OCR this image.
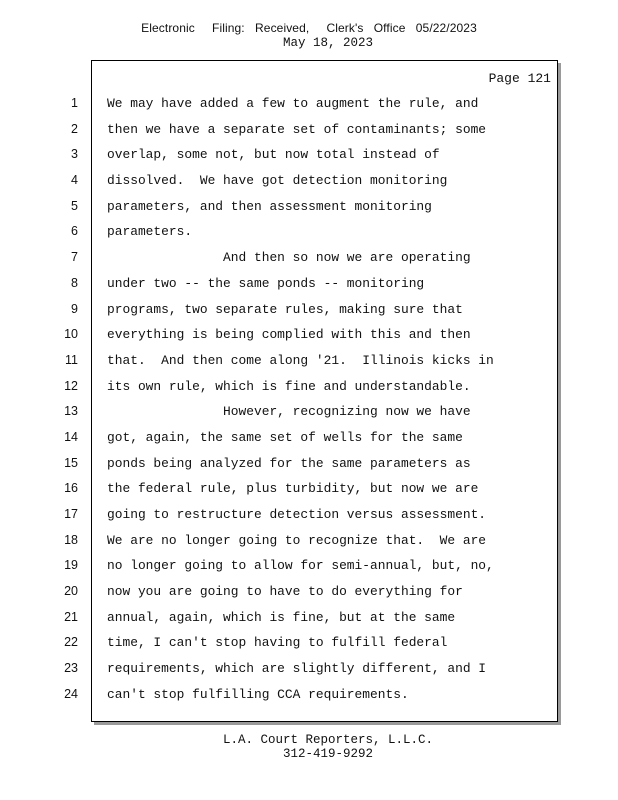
Electronic     Filing:   Received,     Clerk's   Office   05/22/2023
May 18, 2023
Page 121
1 We may have added a few to augment the rule, and
2 then we have a separate set of contaminants; some
3 overlap, some not, but now total instead of
4 dissolved.  We have got detection monitoring
5 parameters, and then assessment monitoring
6 parameters.
7 And then so now we are operating
8 under two -- the same ponds -- monitoring
9 programs, two separate rules, making sure that
10 everything is being complied with this and then
11 that.  And then come along '21.  Illinois kicks in
12 its own rule, which is fine and understandable.
13 However, recognizing now we have
14 got, again, the same set of wells for the same
15 ponds being analyzed for the same parameters as
16 the federal rule, plus turbidity, but now we are
17 going to restructure detection versus assessment.
18 We are no longer going to recognize that.  We are
19 no longer going to allow for semi-annual, but, no,
20 now you are going to have to do everything for
21 annual, again, which is fine, but at the same
22 time, I can't stop having to fulfill federal
23 requirements, which are slightly different, and I
24 can't stop fulfilling CCA requirements.
L.A. Court Reporters, L.L.C.
312-419-9292
